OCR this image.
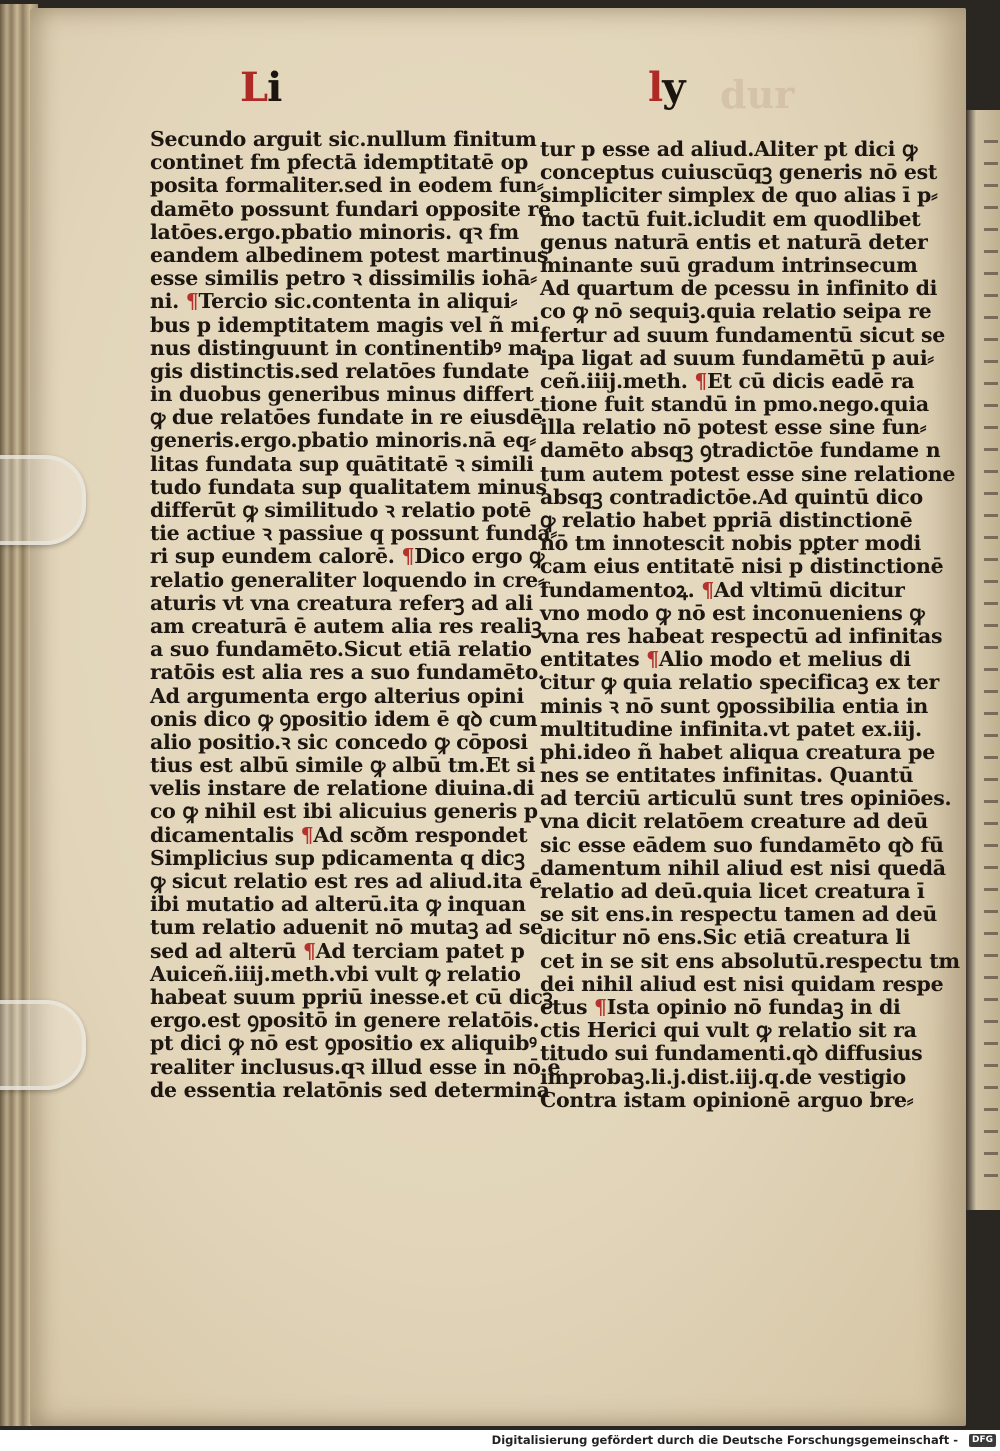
Li	ly dur
Secundo arguit sic.nullum finitum
continet fm pfectā idemptitatē op
posita formaliter.sed in eodem fun⸗
damēto possunt fundari opposite re
latōes.ergo.pbatio minoris. qꝛ fm
eandem albedinem potest martinus
esse similis petro ꝛ dissimilis iohā⸗
ni. ¶Tercio sic.contenta in aliqui⸗
bus p idemptitatem magis vel ñ mi
nus distinguunt in continentibꝰ ma
gis distinctis.sed relatōes fundate
in duobus generibus minus differt
ꝙ due relatōes fundate in re eiusdē
generis.ergo.pbatio minoris.nā eq⸗
litas fundata sup quātitatē ꝛ simili
tudo fundata sup qualitatem minus
differūt ꝙ similitudo ꝛ relatio potē
tie actiue ꝛ passiue q possunt funda⸗
ri sup eundem calorē. ¶Dico ergo ꝙ
relatio generaliter loquendo in cre⸗
aturis vt vna creatura referꝫ ad ali
am creaturā ē autem alia res realiꝫ
a suo fundamēto.Sicut etiā relatio
ratōis est alia res a suo fundamēto.
Ad argumenta ergo alterius opini
onis dico ꝙ ꝯpositio idem ē qꝺ cum
alio positio.ꝛ sic concedo ꝙ cōposi
tius est albū simile ꝙ albū tm.Et si
velis instare de relatione diuina.di
co ꝙ nihil est ibi alicuius generis p
dicamentalis ¶Ad scðm respondet
Simplicius sup pdicamenta q dicꝫ
ꝙ sicut relatio est res ad aliud.ita ē
ibi mutatio ad alterū.ita ꝙ inquan
tum relatio aduenit nō mutaꝫ ad se
sed ad alterū ¶Ad terciam patet p
Auiceñ.iiij.meth.vbi vult ꝙ relatio
habeat suum ppriū inesse.et cū dicꝫ
ergo.est ꝯpositō in genere relatōis.
pt dici ꝙ nō est ꝯpositio ex aliquibꝰ
realiter inclusus.qꝛ illud esse in nō ē
de essentia relatōnis sed determina
tur p esse ad aliud.Aliter pt dici ꝙ
conceptus cuiuscūqꝫ generis nō est
simpliciter simplex de quo alias ī p⸗
mo tactū fuit.icludit em quodlibet
genus naturā entis et naturā deter
minante suū gradum intrinsecum
Ad quartum de pcessu in infinito di
co ꝙ nō sequiꝫ.quia relatio seipa re
fertur ad suum fundamentū sicut se
ipa ligat ad suum fundamētū p aui⸗
ceñ.iiij.meth. ¶Et cū dicis eadē ra
tione fuit standū in pmo.nego.quia
illa relatio nō potest esse sine fun⸗
damēto absqꝫ ꝯtradictōe fundame n
tum autem potest esse sine relatione
absqꝫ contradictōe.Ad quintū dico
ꝙ relatio habet ppriā distinctionē
nō tm innotescit nobis pꝑter modi
cam eius entitatē nisi p distinctionē
fundamentoꝝ. ¶Ad vltimū dicitur
vno modo ꝙ nō est inconueniens ꝙ
vna res habeat respectū ad infinitas
entitates ¶Alio modo et melius di
citur ꝙ quia relatio specificaꝫ ex ter
minis ꝛ nō sunt ꝯpossibilia entia in
multitudine infinita.vt patet ex.iij.
phi.ideo ñ habet aliqua creatura pe
nes se entitates infinitas. Quantū
ad terciū articulū sunt tres opiniōes.
vna dicit relatōem creature ad deū
sic esse eādem suo fundamēto qꝺ fū
damentum nihil aliud est nisi quedā
relatio ad deū.quia licet creatura ī
se sit ens.in respectu tamen ad deū
dicitur nō ens.Sic etiā creatura li
cet in se sit ens absolutū.respectu tm
dei nihil aliud est nisi quidam respe
ctus ¶Ista opinio nō fundaꝫ in di
ctis Herici qui vult ꝙ relatio sit ra
titudo sui fundamenti.qꝺ diffusius
improbaꝫ.li.j.dist.iij.q.de vestigio
Contra istam opinionē arguo bre⸗
Digitalisierung gefördert durch die Deutsche Forschungsgemeinschaft -	DFG
